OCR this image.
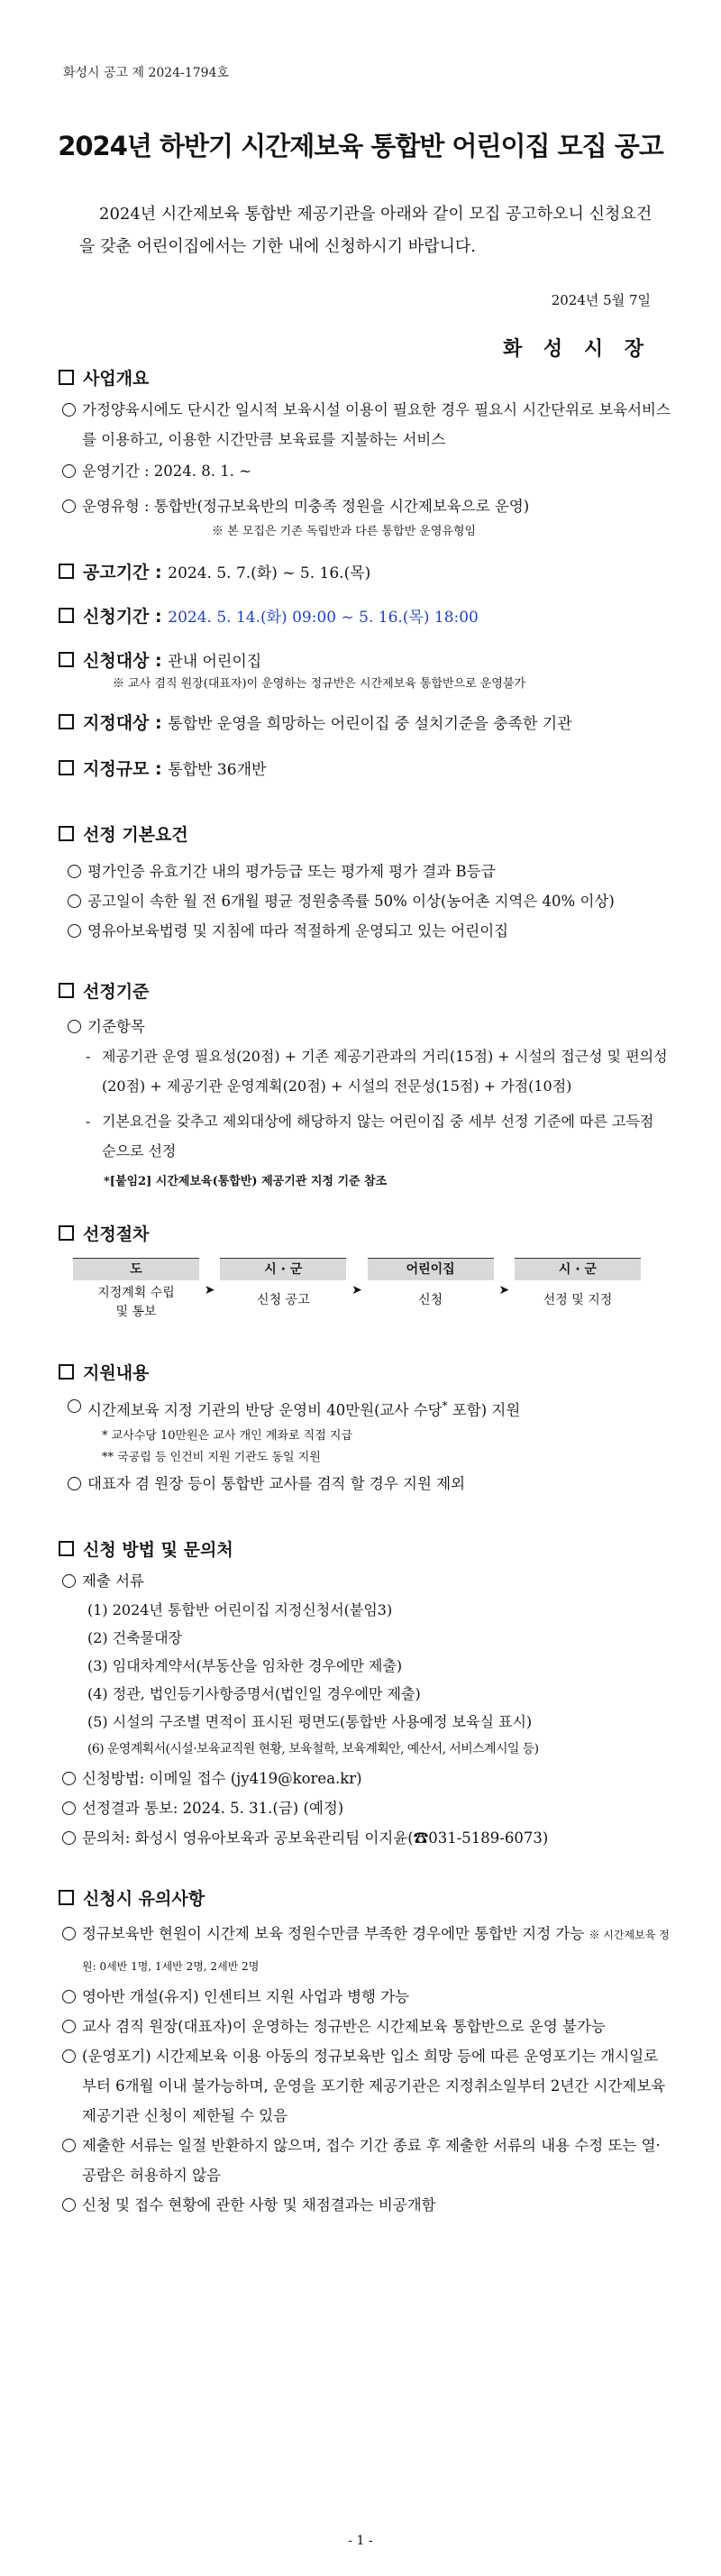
화성시 공고 제 2024-1794호
2024년 하반기 시간제보육 통합반 어린이집 모집 공고
2024년 시간제보육 통합반 제공기관을 아래와 같이 모집 공고하오니 신청요건을 갖춘 어린이집에서는 기한 내에 신청하시기 바랍니다.
2024년 5월 7일
화 성 시 장
사업개요
가정양육시에도 단시간 일시적 보육시설 이용이 필요한 경우 필요시 시간단위로 보육서비스를 이용하고, 이용한 시간만큼 보육료를 지불하는 서비스
운영기간 : 2024. 8. 1. ~
운영유형 : 통합반(정규보육반의 미충족 정원을 시간제보육으로 운영)
※ 본 모집은 기존 독립반과 다른 통합반 운영유형임
공고기간 :
2024. 5. 7.(화) ~ 5. 16.(목)
신청기간 :
2024. 5. 14.(화) 09:00 ~ 5. 16.(목) 18:00
신청대상 :
관내 어린이집
※ 교사 겸직 원장(대표자)이 운영하는 정규반은 시간제보육 통합반으로 운영불가
지정대상 :
통합반 운영을 희망하는 어린이집 중 설치기준을 충족한 기관
지정규모 :
통합반 36개반
선정 기본요건
평가인증 유효기간 내의 평가등급 또는 평가제 평가 결과 B등급
공고일이 속한 월 전 6개월 평균 정원충족률 50% 이상(농어촌 지역은 40% 이상)
영유아보육법령 및 지침에 따라 적절하게 운영되고 있는 어린이집
선정기준
기준항목
- 제공기관 운영 필요성(20점) + 기존 제공기관과의 거리(15점) + 시설의 접근성 및 편의성(20점) + 제공기관 운영계획(20점) + 시설의 전문성(15점) + 가점(10점)
- 기본요건을 갖추고 제외대상에 해당하지 않는 어린이집 중 세부 선정 기준에 따른 고득점 순으로 선정
*[붙임2] 시간제보육(통합반) 제공기관 지정 기준 참조
선정절차
도
지정계획 수립 및 통보
➤
시 · 군
신청 공고
➤
어린이집
신청
➤
시 · 군
선정 및 지정
지원내용
시간제보육 지정 기관의 반당 운영비 40만원(교사 수당* 포함) 지원
* 교사수당 10만원은 교사 개인 계좌로 직접 지급
** 국공립 등 인건비 지원 기관도 동일 지원
대표자 겸 원장 등이 통합반 교사를 겸직 할 경우 지원 제외
신청 방법 및 문의처
제출 서류
(1) 2024년 통합반 어린이집 지정신청서(붙임3)
(2) 건축물대장
(3) 임대차계약서(부동산을 임차한 경우에만 제출)
(4) 정관, 법인등기사항증명서(법인일 경우에만 제출)
(5) 시설의 구조별 면적이 표시된 평면도(통합반 사용예정 보육실 표시)
(6) 운영계획서(시설·보육교직원 현황, 보육철학, 보육계획안, 예산서, 서비스계시일 등)
신청방법: 이메일 접수 (jy419@korea.kr)
선정결과 통보: 2024. 5. 31.(금) (예정)
문의처: 화성시 영유아보육과 공보육관리팀 이지윤(☎031-5189-6073)
신청시 유의사항
정규보육반 현원이 시간제 보육 정원수만큼 부족한 경우에만 통합반 지정 가능 ※ 시간제보육 정원: 0세반 1명, 1세반 2명, 2세반 2명
영아반 개설(유지) 인센티브 지원 사업과 병행 가능
교사 겸직 원장(대표자)이 운영하는 정규반은 시간제보육 통합반으로 운영 불가능
(운영포기) 시간제보육 이용 아동의 정규보육반 입소 희망 등에 따른 운영포기는 개시일로부터 6개월 이내 불가능하며, 운영을 포기한 제공기관은 지정취소일부터 2년간 시간제보육 제공기관 신청이 제한될 수 있음
제출한 서류는 일절 반환하지 않으며, 접수 기간 종료 후 제출한 서류의 내용 수정 또는 열·공람은 허용하지 않음
신청 및 접수 현황에 관한 사항 및 채점결과는 비공개함
- 1 -
